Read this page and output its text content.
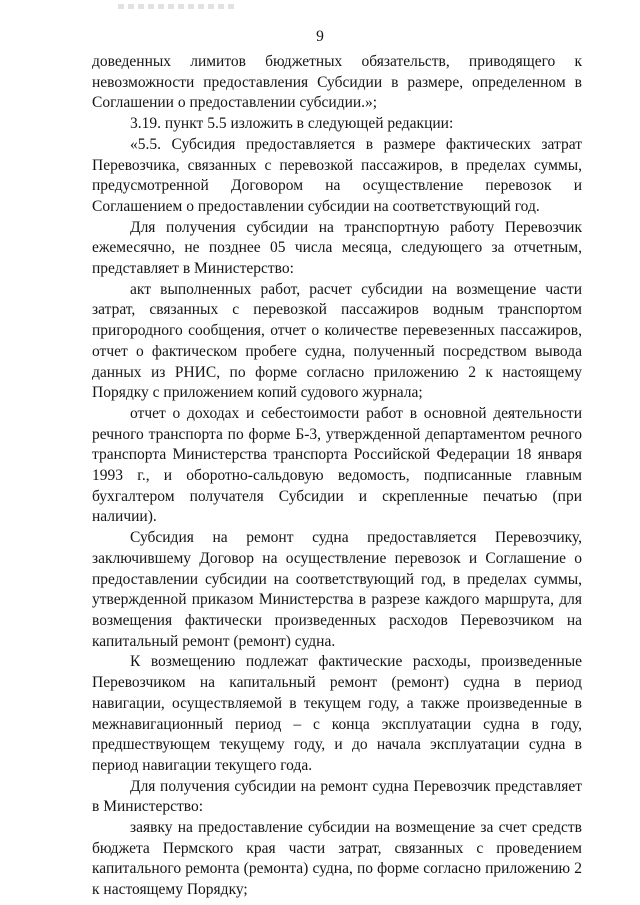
9

доведенных лимитов бюджетных обязательств, приводящего к невозможности предоставления Субсидии в размере, определенном в Соглашении о предоставлении субсидии.»;

3.19. пункт 5.5 изложить в следующей редакции:

«5.5. Субсидия предоставляется в размере фактических затрат Перевозчика, связанных с перевозкой пассажиров, в пределах суммы, предусмотренной Договором на осуществление перевозок и Соглашением о предоставлении субсидии на соответствующий год.

Для получения субсидии на транспортную работу Перевозчик ежемесячно, не позднее 05 числа месяца, следующего за отчетным, представляет в Министерство:

акт выполненных работ, расчет субсидии на возмещение части затрат, связанных с перевозкой пассажиров водным транспортом пригородного сообщения, отчет о количестве перевезенных пассажиров, отчет о фактическом пробеге судна, полученный посредством вывода данных из РНИС, по форме согласно приложению 2 к настоящему Порядку с приложением копий судового журнала;

отчет о доходах и себестоимости работ в основной деятельности речного транспорта по форме Б-3, утвержденной департаментом речного транспорта Министерства транспорта Российской Федерации 18 января 1993 г., и оборотно-сальдовую ведомость, подписанные главным бухгалтером получателя Субсидии и скрепленные печатью (при наличии).

Субсидия на ремонт судна предоставляется Перевозчику, заключившему Договор на осуществление перевозок и Соглашение о предоставлении субсидии на соответствующий год, в пределах суммы, утвержденной приказом Министерства в разрезе каждого маршрута, для возмещения фактически произведенных расходов Перевозчиком на капитальный ремонт (ремонт) судна.

К возмещению подлежат фактические расходы, произведенные Перевозчиком на капитальный ремонт (ремонт) судна в период навигации, осуществляемой в текущем году, а также произведенные в межнавигационный период – с конца эксплуатации судна в году, предшествующем текущему году, и до начала эксплуатации судна в период навигации текущего года.

Для получения субсидии на ремонт судна Перевозчик представляет в Министерство:

заявку на предоставление субсидии на возмещение за счет средств бюджета Пермского края части затрат, связанных с проведением капитального ремонта (ремонта) судна, по форме согласно приложению 2 к настоящему Порядку;
